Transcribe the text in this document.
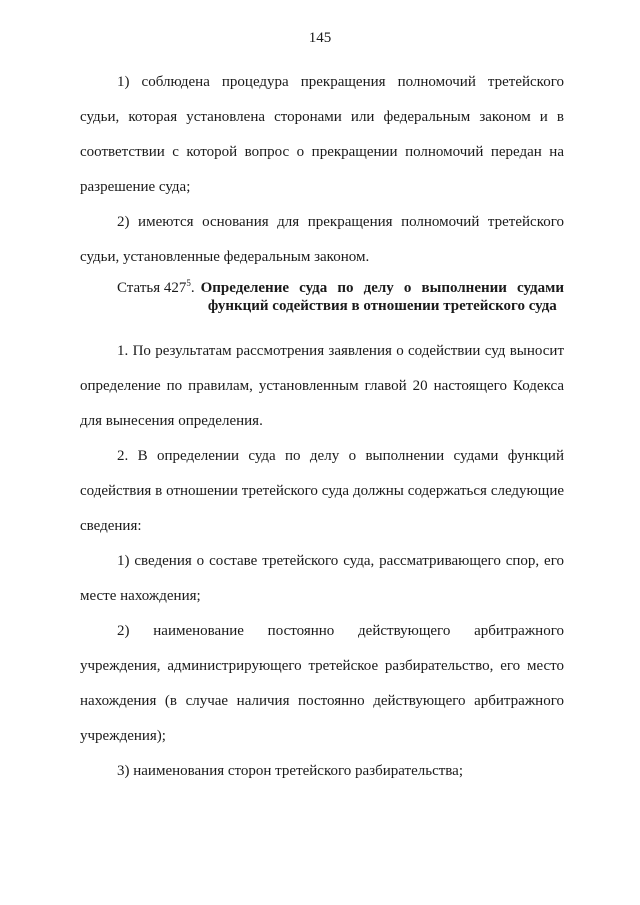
145

1) соблюдена процедура прекращения полномочий третейского судьи, которая установлена сторонами или федеральным законом и в соответствии с которой вопрос о прекращении полномочий передан на разрешение суда;

2) имеются основания для прекращения полномочий третейского судьи, установленные федеральным законом.

Статья $427^5$. Определение суда по делу о выполнении судами функций содействия в отношении третейского суда

1. По результатам рассмотрения заявления о содействии суд выносит определение по правилам, установленным главой 20 настоящего Кодекса для вынесения определения.

2. В определении суда по делу о выполнении судами функций содействия в отношении третейского суда должны содержаться следующие сведения:

1) сведения о составе третейского суда, рассматривающего спор, его месте нахождения;

2) наименование постоянно действующего арбитражного учреждения, администрирующего третейское разбирательство, его место нахождения (в случае наличия постоянно действующего арбитражного учреждения);

3) наименования сторон третейского разбирательства;
